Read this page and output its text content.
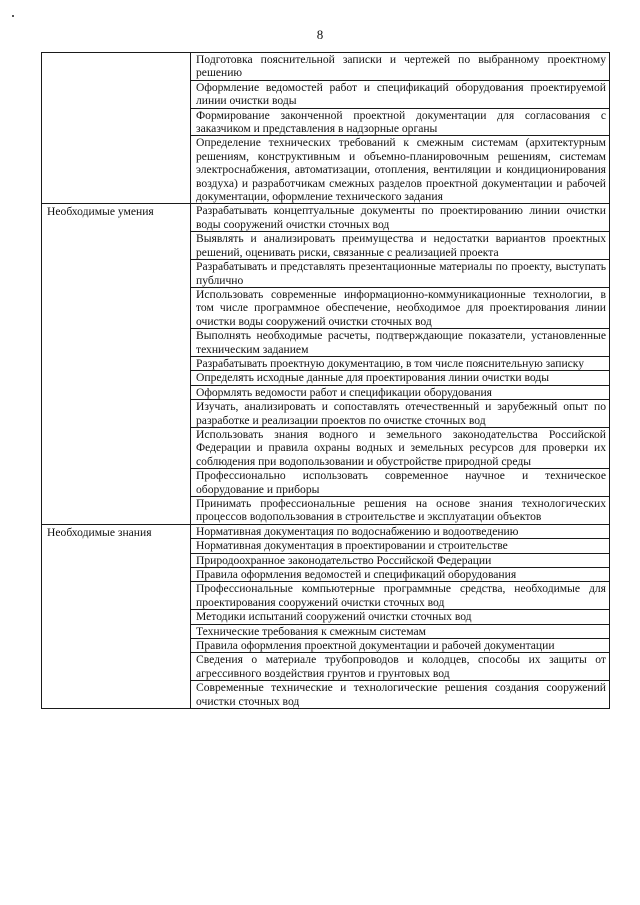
8
	Подготовка пояснительной записки и чертежей по выбранному проектному решению
	Оформление ведомостей работ и спецификаций оборудования проектируемой линии очистки воды
	Формирование законченной проектной документации для согласования с заказчиком и представления в надзорные органы
	Определение технических требований к смежным системам (архитектурным решениям, конструктивным и объемно-планировочным решениям, системам электроснабжения, автоматизации, отопления, вентиляции и кондиционирования воздуха) и разработчикам смежных разделов проектной документации и рабочей документации, оформление технического задания
Необходимые умения	Разрабатывать концептуальные документы по проектированию линии очистки воды сооружений очистки сточных вод
	Выявлять и анализировать преимущества и недостатки вариантов проектных решений, оценивать риски, связанные с реализацией проекта
	Разрабатывать и представлять презентационные материалы по проекту, выступать публично
	Использовать современные информационно-коммуникационные технологии, в том числе программное обеспечение, необходимое для проектирования линии очистки воды сооружений очистки сточных вод
	Выполнять необходимые расчеты, подтверждающие показатели, установленные техническим заданием
	Разрабатывать проектную документацию, в том числе пояснительную записку
	Определять исходные данные для проектирования линии очистки воды
	Оформлять ведомости работ и спецификации оборудования
	Изучать, анализировать и сопоставлять отечественный и зарубежный опыт по разработке и реализации проектов по очистке сточных вод
	Использовать знания водного и земельного законодательства Российской Федерации и правила охраны водных и земельных ресурсов для проверки их соблюдения при водопользовании и обустройстве природной среды
	Профессионально использовать современное научное и техническое оборудование и приборы
	Принимать профессиональные решения на основе знания технологических процессов водопользования в строительстве и эксплуатации объектов
Необходимые знания	Нормативная документация по водоснабжению и водоотведению
	Нормативная документация в проектировании и строительстве
	Природоохранное законодательство Российской Федерации
	Правила оформления ведомостей и спецификаций оборудования
	Профессиональные компьютерные программные средства, необходимые для проектирования сооружений очистки сточных вод
	Методики испытаний сооружений очистки сточных вод
	Технические требования к смежным системам
	Правила оформления проектной документации и рабочей документации
	Сведения о материале трубопроводов и колодцев, способы их защиты от агрессивного воздействия грунтов и грунтовых вод
	Современные технические и технологические решения создания сооружений очистки сточных вод
